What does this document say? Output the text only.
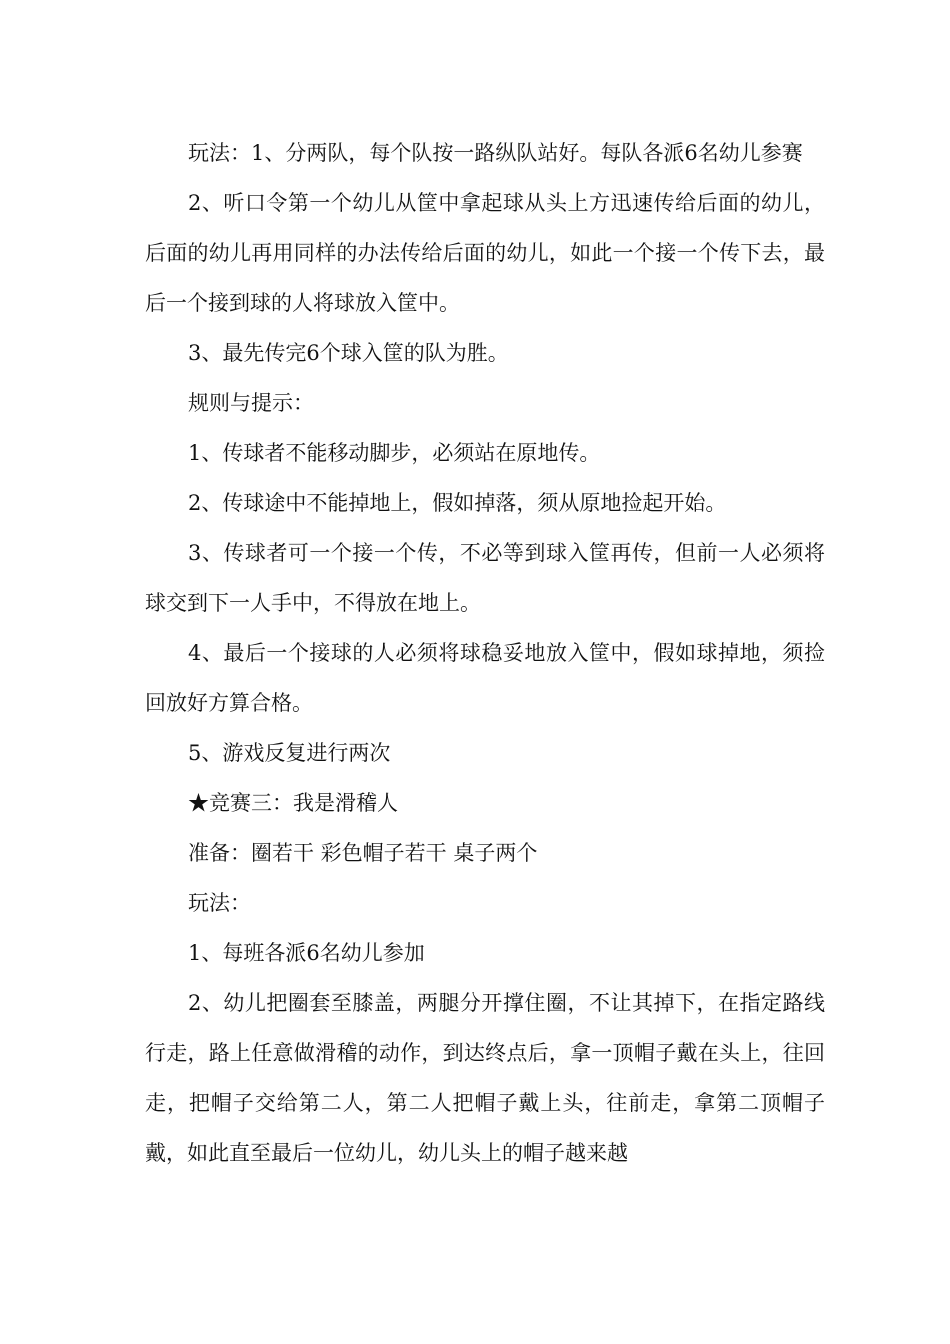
玩法：1、分两队，每个队按一路纵队站好。每队各派6名幼儿参赛

2、听口令第一个幼儿从筐中拿起球从头上方迅速传给后面的幼儿，后面的幼儿再用同样的办法传给后面的幼儿，如此一个接一个传下去，最后一个接到球的人将球放入筐中。

3、最先传完6个球入筐的队为胜。

规则与提示：

1、传球者不能移动脚步，必须站在原地传。

2、传球途中不能掉地上，假如掉落，须从原地捡起开始。

3、传球者可一个接一个传，不必等到球入筐再传，但前一人必须将球交到下一人手中，不得放在地上。

4、最后一个接球的人必须将球稳妥地放入筐中，假如球掉地，须捡回放好方算合格。

5、游戏反复进行两次

★竞赛三：我是滑稽人

准备：圈若干 彩色帽子若干 桌子两个

玩法：

1、每班各派6名幼儿参加

2、幼儿把圈套至膝盖，两腿分开撑住圈，不让其掉下，在指定路线行走，路上任意做滑稽的动作，到达终点后，拿一顶帽子戴在头上，往回走，把帽子交给第二人，第二人把帽子戴上头，往前走，拿第二顶帽子戴，如此直至最后一位幼儿，幼儿头上的帽子越来越
